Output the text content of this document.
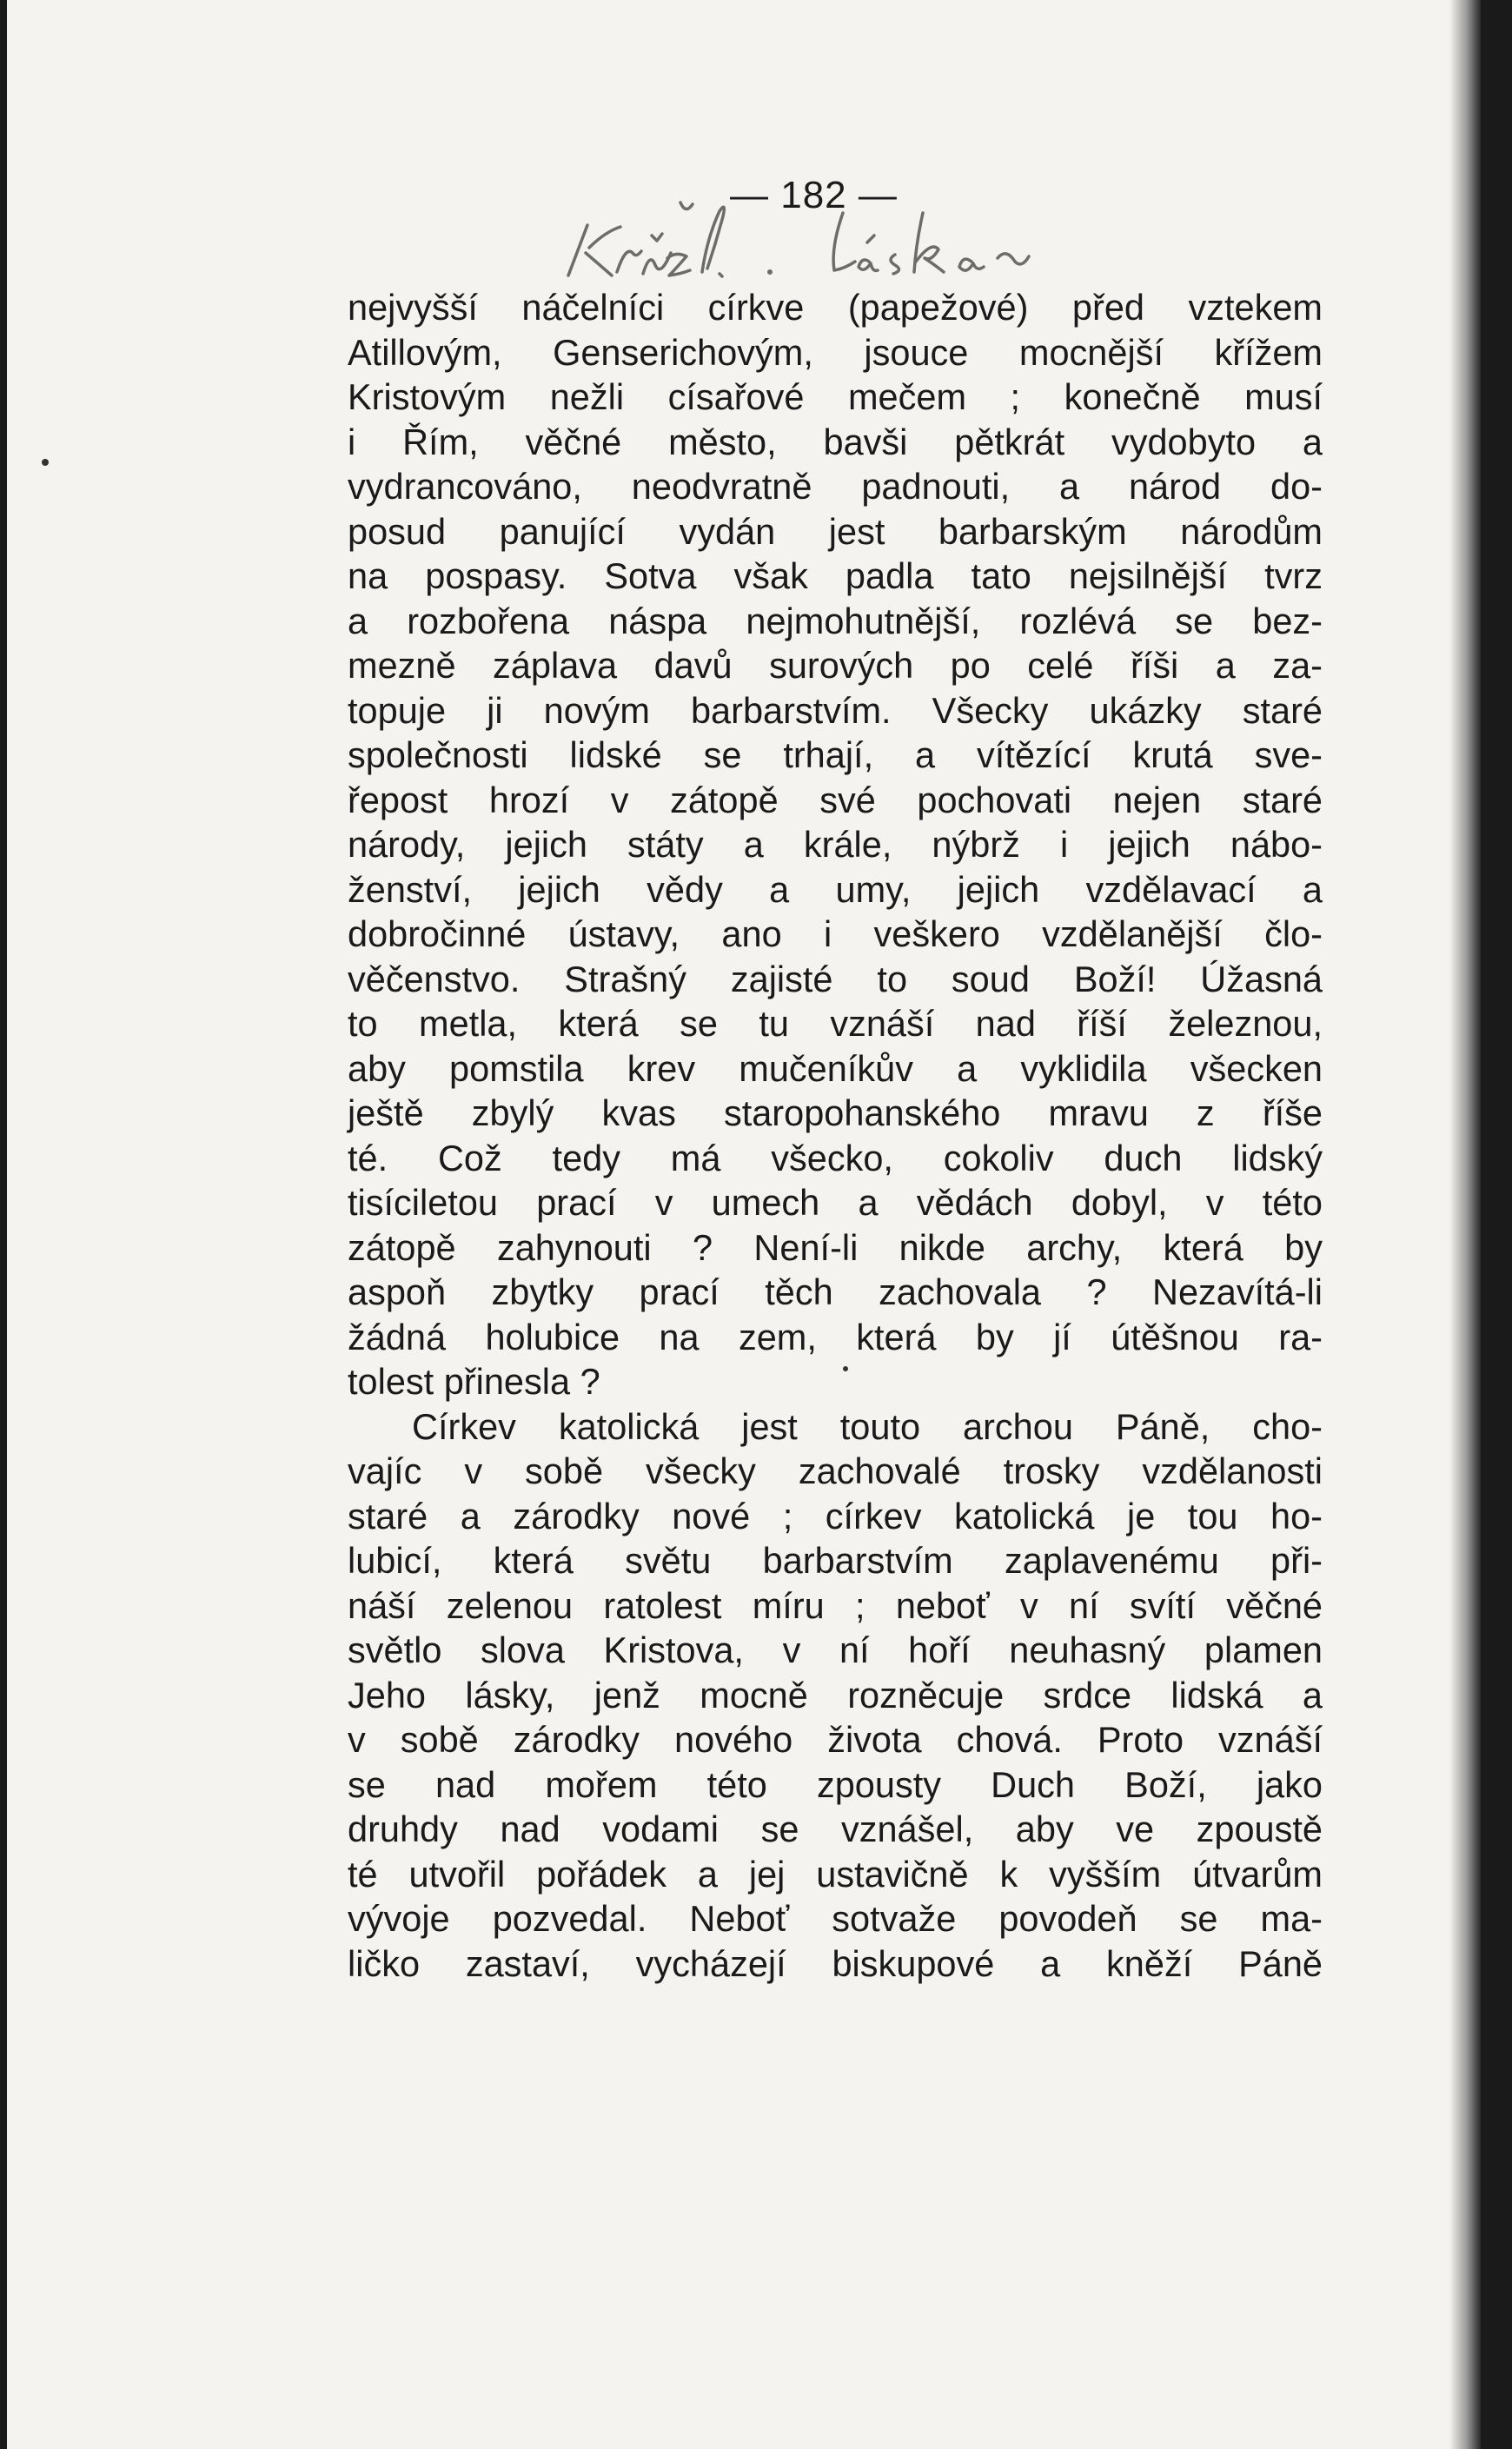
— 182 —
nejvyšší náčelníci církve (papežové) před vztekem
Atillovým, Genserichovým, jsouce mocnější křížem
Kristovým nežli císařové mečem ; konečně musí
i Řím, věčné město, bavši pětkrát vydobyto a
vydrancováno, neodvratně padnouti, a národ do-
posud panující vydán jest barbarským národům
na pospasy. Sotva však padla tato nejsilnější tvrz
a rozbořena náspa nejmohutnější, rozlévá se bez-
mezně záplava davů surových po celé říši a za-
topuje ji novým barbarstvím. Všecky ukázky staré
společnosti lidské se trhají, a vítězící krutá sve-
řepost hrozí v zátopě své pochovati nejen staré
národy, jejich státy a krále, nýbrž i jejich nábo-
ženství, jejich vědy a umy, jejich vzdělavací a
dobročinné ústavy, ano i veškero vzdělanější člo-
věčenstvo. Strašný zajisté to soud Boží! Úžasná
to metla, která se tu vznáší nad říší železnou,
aby pomstila krev mučeníkův a vyklidila všecken
ještě zbylý kvas staropohanského mravu z říše
té. Což tedy má všecko, cokoliv duch lidský
tisíciletou prací v umech a vědách dobyl, v této
zátopě zahynouti ? Není-li nikde archy, která by
aspoň zbytky prací těch zachovala ? Nezavítá-li
žádná holubice na zem, která by jí útěšnou ra-
tolest přinesla ?
Církev katolická jest touto archou Páně, cho-
vajíc v sobě všecky zachovalé trosky vzdělanosti
staré a zárodky nové ; církev katolická je tou ho-
lubicí, která světu barbarstvím zaplavenému při-
náší zelenou ratolest míru ; neboť v ní svítí věčné
světlo slova Kristova, v ní hoří neuhasný plamen
Jeho lásky, jenž mocně rozněcuje srdce lidská a
v sobě zárodky nového života chová. Proto vznáší
se nad mořem této zpousty Duch Boží, jako
druhdy nad vodami se vznášel, aby ve zpoustě
té utvořil pořádek a jej ustavičně k vyšším útvarům
vývoje pozvedal. Neboť sotvaže povodeň se ma-
ličko zastaví, vycházejí biskupové a kněží Páně
